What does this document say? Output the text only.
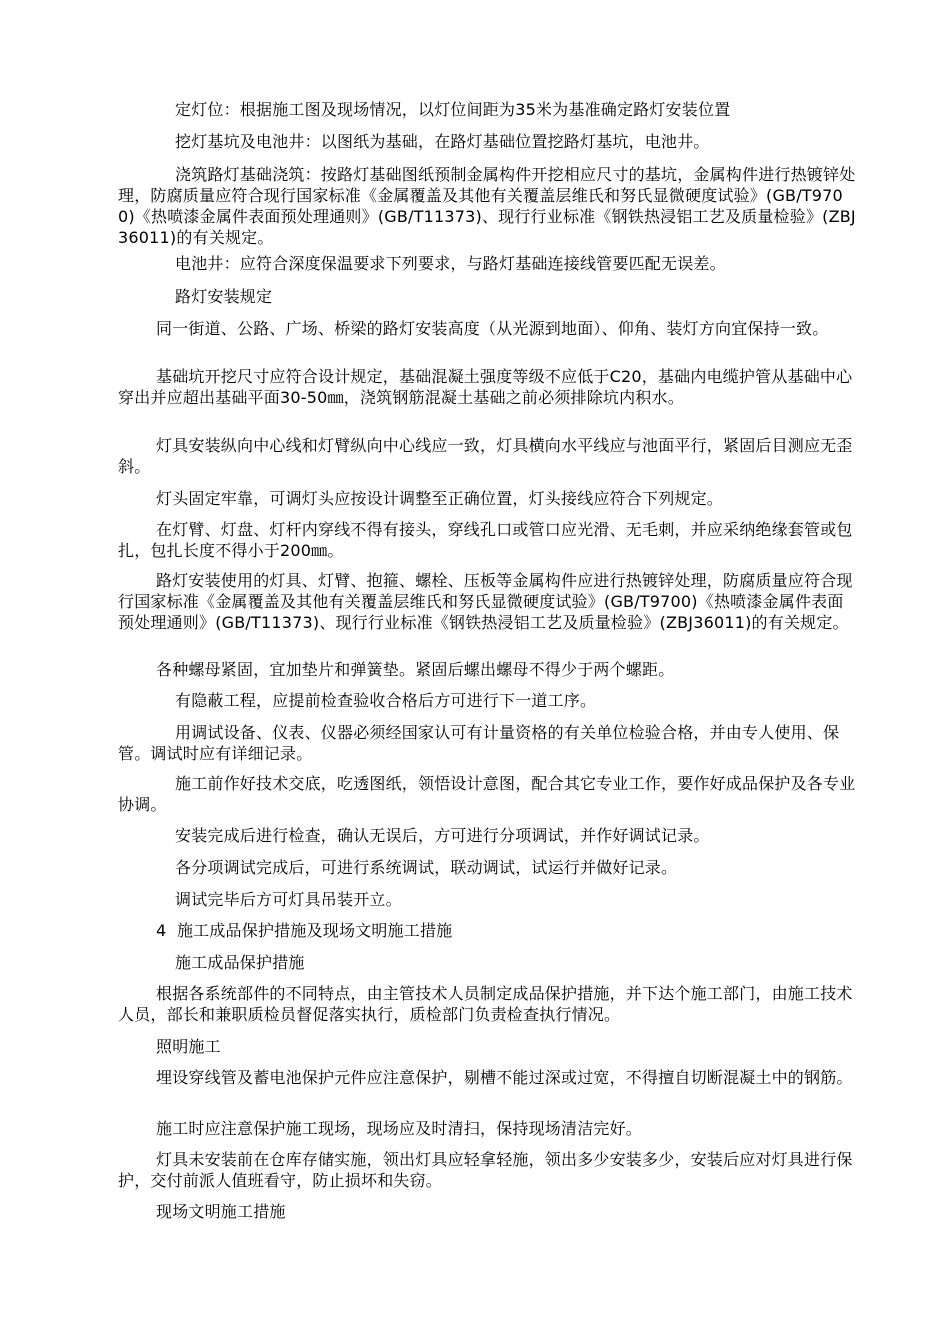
定灯位：根据施工图及现场情况，以灯位间距为35米为基准确定路灯安装位置
挖灯基坑及电池井：以图纸为基础，在路灯基础位置挖路灯基坑，电池井。
浇筑路灯基础浇筑：按路灯基础图纸预制金属构件开挖相应尺寸的基坑，金属构件进行热镀锌处理，防腐质量应符合现行国家标准《金属覆盖及其他有关覆盖层维氏和努氏显微硬度试验》(GB/T9700)《热喷漆金属件表面预处理通则》(GB/T11373)、现行行业标准《钢铁热浸铝工艺及质量检验》(ZBJ36011)的有关规定。
电池井：应符合深度保温要求下列要求，与路灯基础连接线管要匹配无误差。
路灯安装规定
同一街道、公路、广场、桥梁的路灯安装高度（从光源到地面）、仰角、装灯方向宜保持一致。
基础坑开挖尺寸应符合设计规定，基础混凝土强度等级不应低于C20，基础内电缆护管从基础中心穿出并应超出基础平面30-50㎜，浇筑钢筋混凝土基础之前必须排除坑内积水。
灯具安装纵向中心线和灯臂纵向中心线应一致，灯具横向水平线应与池面平行，紧固后目测应无歪斜。
灯头固定牢靠，可调灯头应按设计调整至正确位置，灯头接线应符合下列规定。
在灯臂、灯盘、灯杆内穿线不得有接头，穿线孔口或管口应光滑、无毛刺，并应采纳绝缘套管或包扎，包扎长度不得小于200㎜。
路灯安装使用的灯具、灯臂、抱箍、螺栓、压板等金属构件应进行热镀锌处理，防腐质量应符合现行国家标准《金属覆盖及其他有关覆盖层维氏和努氏显微硬度试验》(GB/T9700)《热喷漆金属件表面预处理通则》(GB/T11373)、现行行业标准《钢铁热浸铝工艺及质量检验》(ZBJ36011)的有关规定。
各种螺母紧固，宜加垫片和弹簧垫。紧固后螺出螺母不得少于两个螺距。
有隐蔽工程，应提前检查验收合格后方可进行下一道工序。
用调试设备、仪表、仪器必须经国家认可有计量资格的有关单位检验合格，并由专人使用、保管。调试时应有详细记录。
施工前作好技术交底，吃透图纸，领悟设计意图，配合其它专业工作，要作好成品保护及各专业协调。
安装完成后进行检查，确认无误后，方可进行分项调试，并作好调试记录。
各分项调试完成后，可进行系统调试，联动调试，试运行并做好记录。
调试完毕后方可灯具吊装开立。
4  施工成品保护措施及现场文明施工措施
施工成品保护措施
根据各系统部件的不同特点，由主管技术人员制定成品保护措施，并下达个施工部门，由施工技术人员，部长和兼职质检员督促落实执行，质检部门负责检查执行情况。
照明施工
埋设穿线管及蓄电池保护元件应注意保护，剔槽不能过深或过宽，不得擅自切断混凝土中的钢筋。
施工时应注意保护施工现场，现场应及时清扫，保持现场清洁完好。
灯具未安装前在仓库存储实施，领出灯具应轻拿轻施，领出多少安装多少，安装后应对灯具进行保护，交付前派人值班看守，防止损坏和失窃。
现场文明施工措施
